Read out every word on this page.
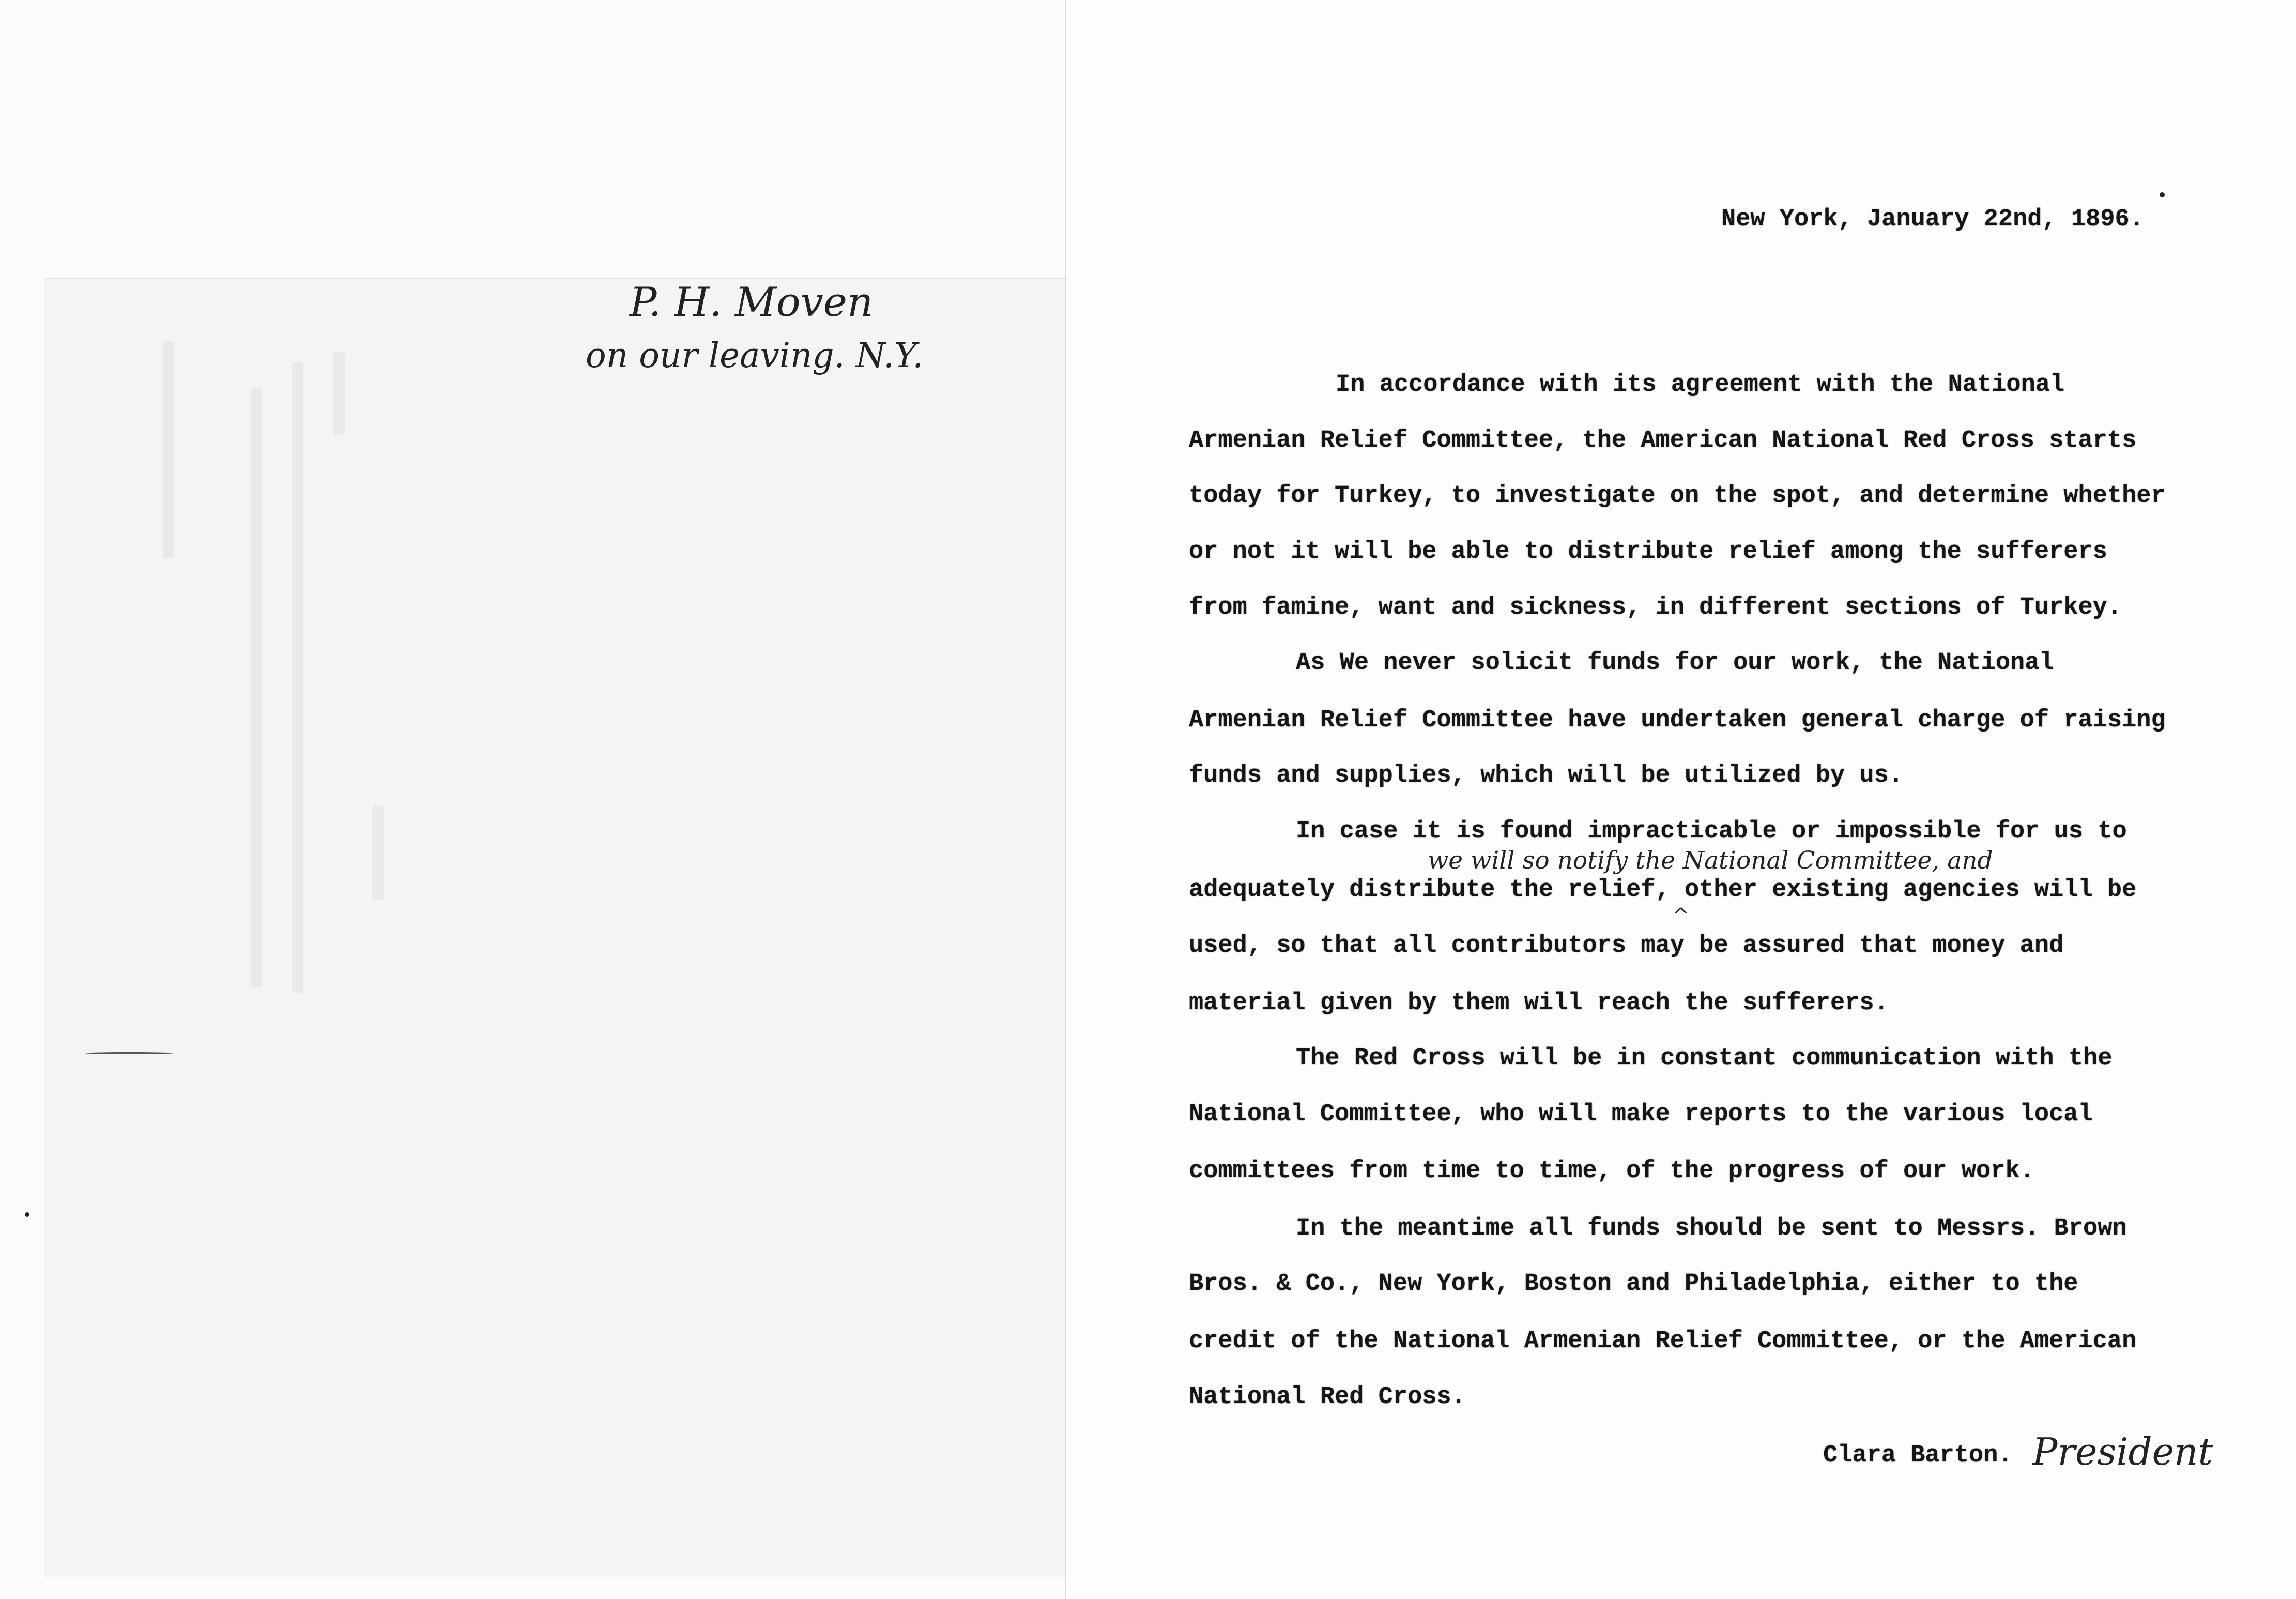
P. H. Moven
on our leaving. N.Y.
New York, January 22nd, 1896.
In accordance with its agreement with the National
Armenian Relief Committee, the American National Red Cross starts
today for Turkey, to investigate on the spot, and determine whether
or not it will be able to distribute relief among the sufferers
from famine, want and sickness, in different sections of Turkey.
As We never solicit funds for our work, the National
Armenian Relief Committee have undertaken general charge of raising
funds and supplies, which will be utilized by us.
In case it is found impracticable or impossible for us to
we will so notify the National Committee, and
adequately distribute the relief, other existing agencies will be
^
used, so that all contributors may be assured that money and
material given by them will reach the sufferers.
The Red Cross will be in constant communication with the
National Committee, who will make reports to the various local
committees from time to time, of the progress of our work.
In the meantime all funds should be sent to Messrs. Brown
Bros. & Co., New York, Boston and Philadelphia, either to the
credit of the National Armenian Relief Committee, or the American
National Red Cross.
Clara Barton. President
